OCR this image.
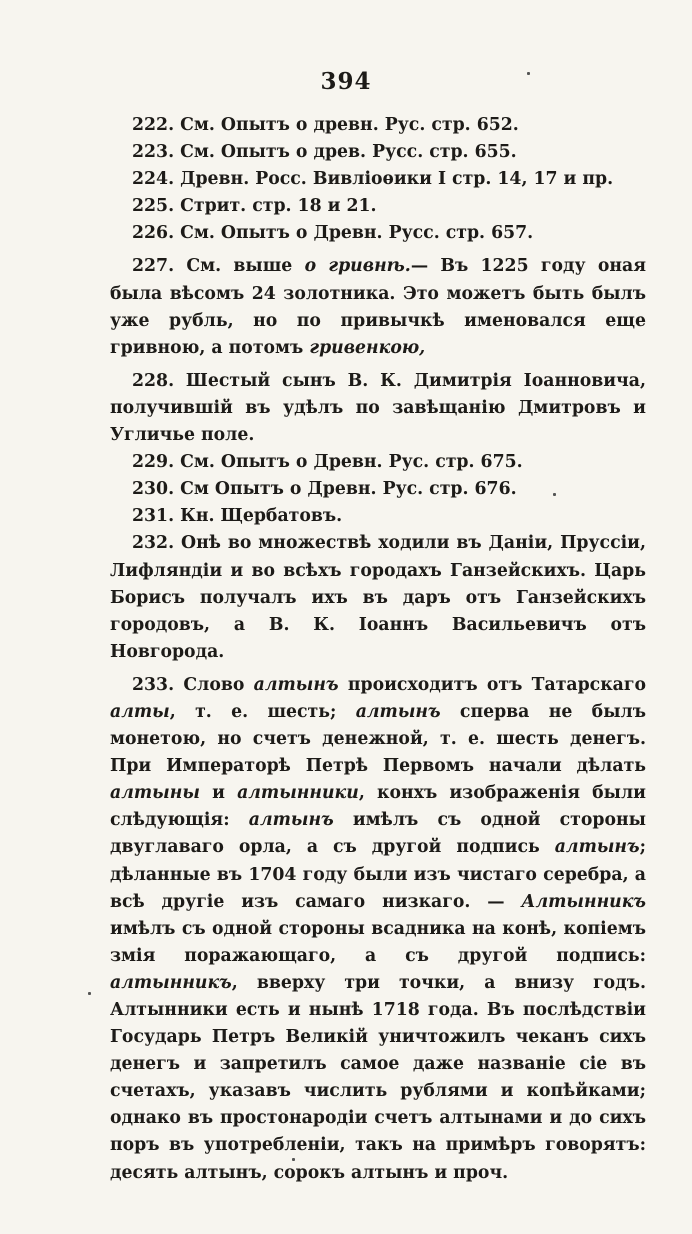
394

222. См. Опытъ о древн. Рус. стр. 652.

223. См. Опытъ о древ. Русс. стр. 655.

224. Древн. Росс. Вивліоѳики I стр. 14, 17 и пр.

225. Стрит. стр. 18 и 21.

226. См. Опытъ о Древн. Русс. стр. 657.

227. См. выше о гривнѣ.— Въ 1225 году оная была вѣсомъ 24 золотника. Это можетъ быть былъ уже рубль, но по привычкѣ именовался еще гривною, а потомъ гривенкою,

228. Шестый сынъ В. К. Димитрія Іоанновича, получившій въ удѣлъ по завѣщанію Дмитровъ и Угличье поле.

229. См. Опытъ о Древн. Рус. стр. 675.

230. См Опытъ о Древн. Рус. стр. 676.

231. Кн. Щербатовъ.

232. Онѣ во множествѣ ходили въ Даніи, Пруссіи, Лифляндіи и во всѣхъ городахъ Ганзейскихъ. Царь Борисъ получалъ ихъ въ даръ отъ Ганзейскихъ городовъ, а В. К. Іоаннъ Васильевичъ отъ Новгорода.

233. Слово алтынъ происходитъ отъ Татарскаго алты, т. е. шесть; алтынъ сперва не былъ монетою, но счетъ денежной, т. е. шесть денегъ. При Императорѣ Петрѣ Первомъ начали дѣлать алтыны и алтынники, конхъ изображенія были слѣдующія: алтынъ имѣлъ съ одной стороны двуглаваго орла, а съ другой подпись алтынъ; дѣланные въ 1704 году были изъ чистаго серебра, а всѣ другіе изъ самаго низкаго. — Алтынникъ имѣлъ съ одной стороны всадника на конѣ, копіемъ змія поражающаго, а съ другой подпись: алтынникъ, вверху три точки, а внизу годъ. Алтынники есть и нынѣ 1718 года. Въ послѣдствіи Государь Петръ Великій уничтожилъ чеканъ сихъ денегъ и запретилъ самое даже названіе сіе въ счетахъ, указавъ числить рублями и копѣйками; однако въ простонародіи счетъ алтынами и до сихъ поръ въ употребленіи, такъ на примѣръ говорятъ: десять алтынъ, сорокъ алтынъ и проч.
